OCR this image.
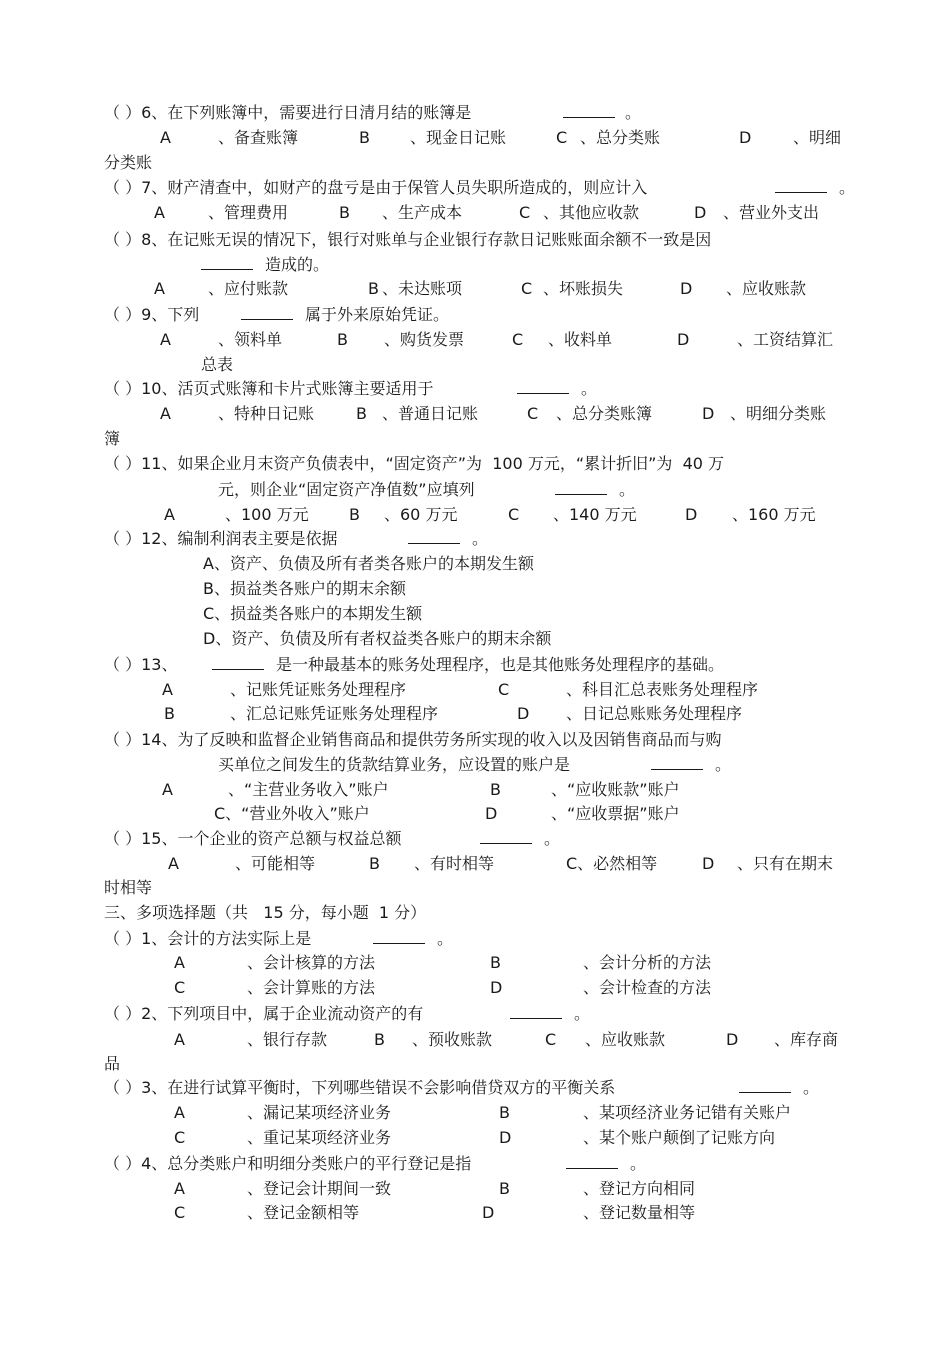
（ ）6、在下列账簿中，需要进行日清月结的账簿是	。
A	、备查账簿	B	、现金日记账	C 、总分类账	D	、明细
分类账
（ ）7、财产清查中，如财产的盘亏是由于保管人员失职所造成的，则应计入	。
A	、管理费用	B 、生产成本	C 、其他应收款	D 、营业外支出
（ ）8、在记账无误的情况下，银行对账单与企业银行存款日记账账面余额不一致是因
造成的。
A	、应付账款	B 、未达账项	C 、坏账损失	D 、应收账款
（ ）9、下列	属于外来原始凭证。
A	、领料单	B 、购货发票	C 、收料单	D	、工资结算汇
总表
（ ）10、活页式账簿和卡片式账簿主要适用于	。
A	、特种日记账	B 、普通日记账	C 、总分类账簿	D 、明细分类账
簿
（ ）11、如果企业月末资产负债表中，“固定资产”为  100 万元，“累计折旧”为  40 万
元，则企业“固定资产净值数”应填列	。
A	、100 万元	B 、60 万元	C 、140 万元	D 、160 万元
（ ）12、编制利润表主要是依据	。
A、资产、负债及所有者类各账户的本期发生额
B、损益类各账户的期末余额
C、损益类各账户的本期发生额
D、资产、负债及所有者权益类各账户的期末余额
（ ）13、	是一种最基本的账务处理程序，也是其他账务处理程序的基础。
A	、记账凭证账务处理程序	C	、科目汇总表账务处理程序
B	、汇总记账凭证账务处理程序	D 、日记总账账务处理程序
（ ）14、为了反映和监督企业销售商品和提供劳务所实现的收入以及因销售商品而与购
买单位之间发生的货款结算业务，应设置的账户是	。
A	、“主营业务收入”账户	B	、“应收账款”账户
C、“营业外收入”账户	D	、“应收票据”账户
（ ）15、一个企业的资产总额与权益总额	。
A	、可能相等	B 、有时相等	C、必然相等	D 、只有在期末
时相等
三、多项选择题（共   15 分，每小题  1 分）
（ ）1、会计的方法实际上是	。
A	、会计核算的方法	B	、会计分析的方法
C	、会计算账的方法	D	、会计检查的方法
（ ）2、下列项目中，属于企业流动资产的有	。
A	、银行存款	B 、预收账款	C 、应收账款	D 、库存商
品
（ ）3、在进行试算平衡时，下列哪些错误不会影响借贷双方的平衡关系	。
A	、漏记某项经济业务	B	、某项经济业务记错有关账户
C	、重记某项经济业务	D	、某个账户颠倒了记账方向
（ ）4、总分类账户和明细分类账户的平行登记是指	。
A	、登记会计期间一致	B	、登记方向相同
C	、登记金额相等	D	、登记数量相等
